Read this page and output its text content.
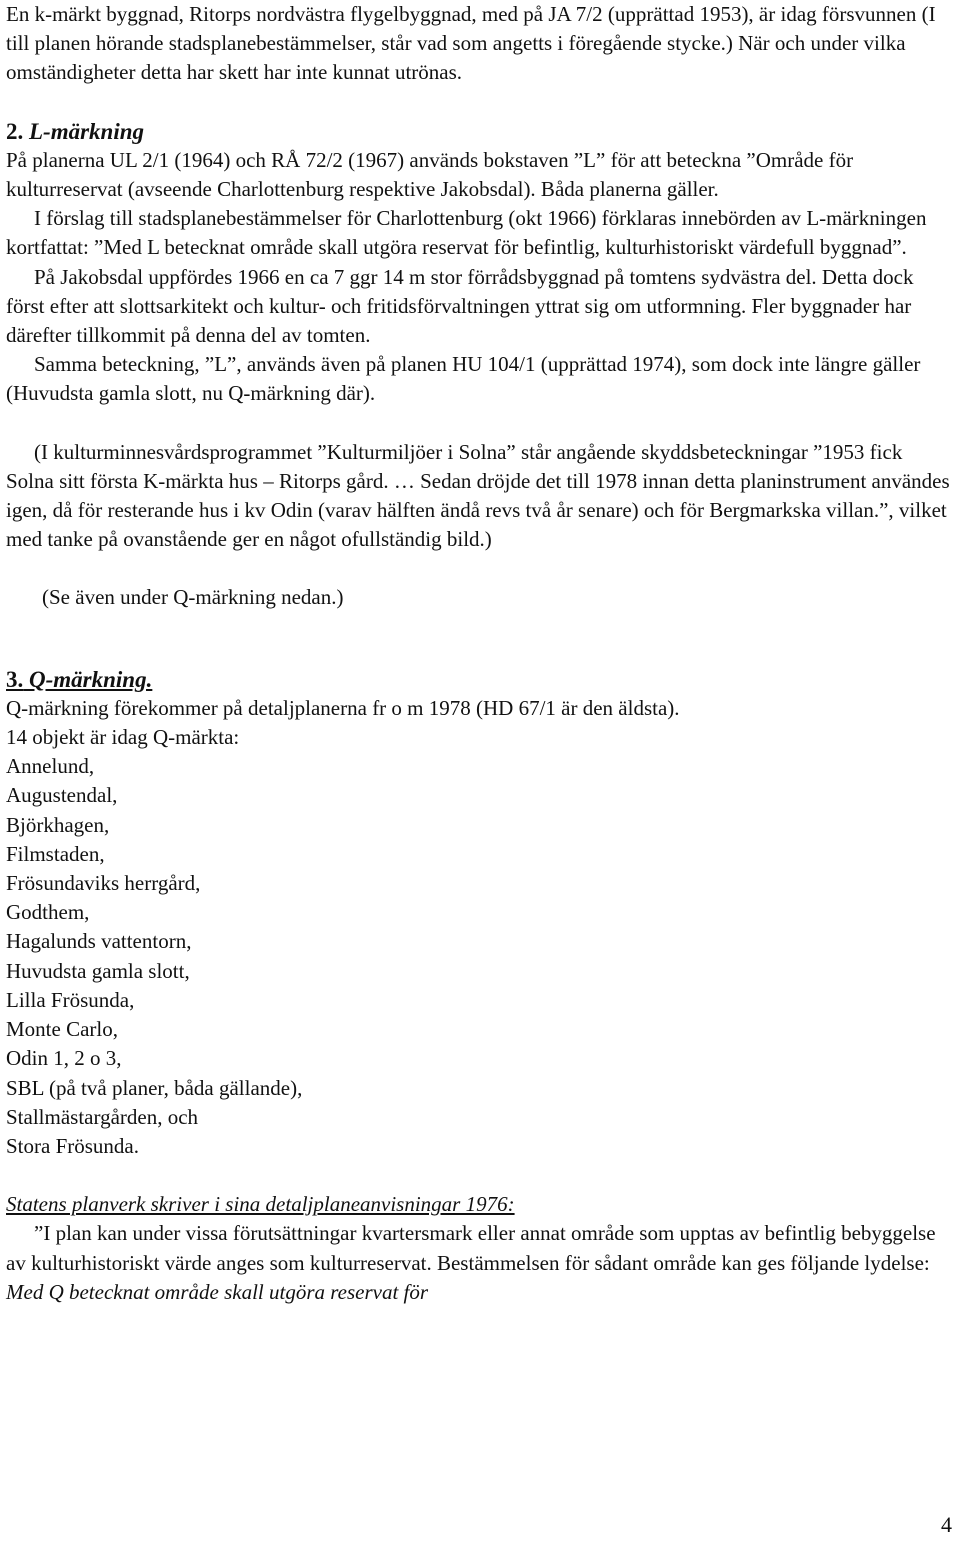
En k-märkt byggnad, Ritorps nordvästra flygelbyggnad, med på JA 7/2 (upprättad 1953), är idag försvunnen (I till planen hörande stadsplanebestämmelser, står vad som angetts i föregående stycke.) När och under vilka omständigheter detta har skett har inte kunnat utrönas.

2. L-märkning

På planerna UL 2/1 (1964) och RÅ 72/2 (1967) används bokstaven ”L” för att beteckna ”Område för kulturreservat (avseende Charlottenburg respektive Jakobsdal). Båda planerna gäller.

I förslag till stadsplanebestämmelser för Charlottenburg (okt 1966) förklaras innebörden av L-märkningen kortfattat: ”Med L betecknat område skall utgöra reservat för befintlig, kulturhistoriskt värdefull byggnad”.

På Jakobsdal uppfördes 1966 en ca 7 ggr 14 m stor förrådsbyggnad på tomtens sydvästra del. Detta dock först efter att slottsarkitekt och kultur- och fritidsförvaltningen yttrat sig om utformning. Fler byggnader har därefter tillkommit på denna del av tomten.

Samma beteckning, ”L”, används även på planen HU 104/1 (upprättad 1974), som dock inte längre gäller (Huvudsta gamla slott, nu Q-märkning där).

(I kulturminnesvårdsprogrammet ”Kulturmiljöer i Solna” står angående skyddsbeteckningar ”1953 fick Solna sitt första K-märkta hus – Ritorps gård. … Sedan dröjde det till 1978 innan detta planinstrument användes igen, då för resterande hus i kv Odin (varav hälften ändå revs två år senare) och för Bergmarkska villan.”, vilket med tanke på ovanstående ger en något ofullständig bild.)

(Se även under Q-märkning nedan.)

3. Q-märkning.

Q-märkning förekommer på detaljplanerna fr o m 1978 (HD 67/1 är den äldsta).

14 objekt är idag Q-märkta:

Annelund,

Augustendal,

Björkhagen,

Filmstaden,

Frösundaviks herrgård,

Godthem,

Hagalunds vattentorn,

Huvudsta gamla slott,

Lilla Frösunda,

Monte Carlo,

Odin 1, 2 o 3,

SBL (på två planer, båda gällande),

Stallmästargården, och

Stora Frösunda.

Statens planverk skriver i sina detaljplaneanvisningar 1976:

”I plan kan under vissa förutsättningar kvartersmark eller annat område som upptas av befintlig bebyggelse av kulturhistoriskt värde anges som kulturreservat. Bestämmelsen för sådant område kan ges följande lydelse: Med Q betecknat område skall utgöra reservat för

4
